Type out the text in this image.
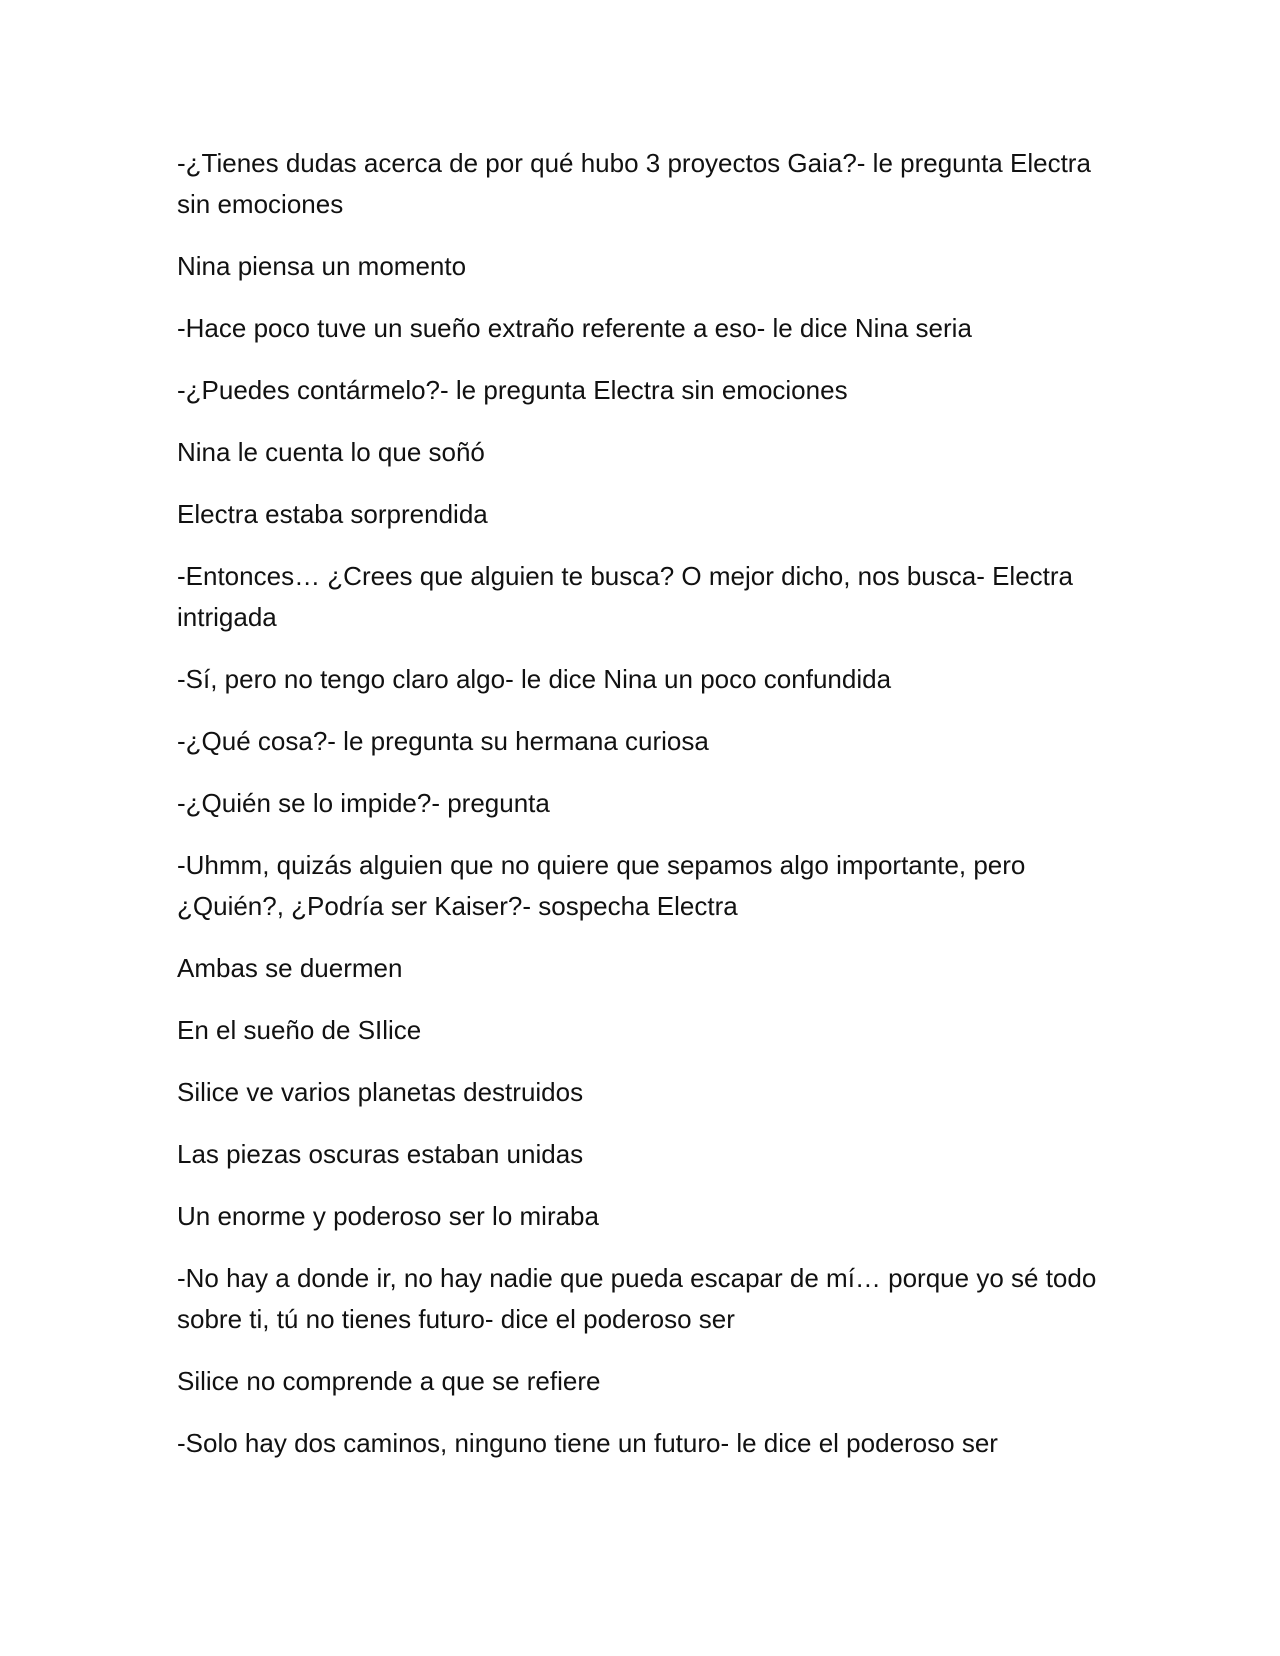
-¿Tienes dudas acerca de por qué hubo 3 proyectos Gaia?- le pregunta Electra sin emociones

Nina piensa un momento

-Hace poco tuve un sueño extraño referente a eso- le dice Nina seria

-¿Puedes contármelo?- le pregunta Electra sin emociones

Nina le cuenta lo que soñó

Electra estaba sorprendida

-Entonces… ¿Crees que alguien te busca? O mejor dicho, nos busca- Electra intrigada

-Sí, pero no tengo claro algo- le dice Nina un poco confundida

-¿Qué cosa?- le pregunta su hermana curiosa

-¿Quién se lo impide?- pregunta

-Uhmm, quizás alguien que no quiere que sepamos algo importante, pero ¿Quién?, ¿Podría ser Kaiser?- sospecha Electra

Ambas se duermen

En el sueño de SIlice

Silice ve varios planetas destruidos

Las piezas oscuras estaban unidas

Un enorme y poderoso ser lo miraba

-No hay a donde ir, no hay nadie que pueda escapar de mí… porque yo sé todo sobre ti, tú no tienes futuro- dice el poderoso ser

Silice no comprende a que se refiere

-Solo hay dos caminos, ninguno tiene un futuro- le dice el poderoso ser
